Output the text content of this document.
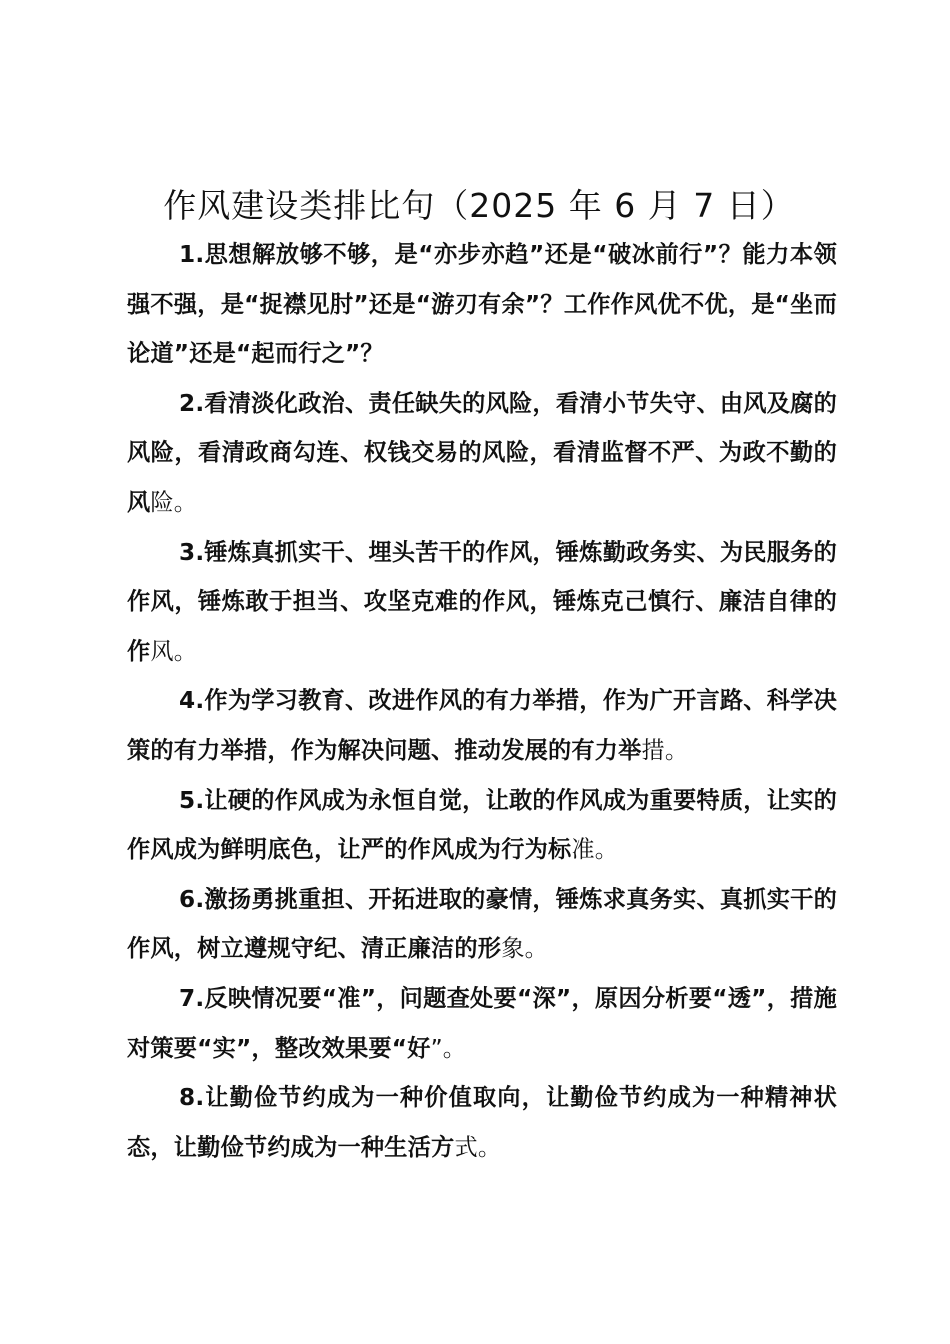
作风建设类排比句（2025 年 6 月 7 日）

1.思想解放够不够，是“亦步亦趋”还是“破冰前行”？能力本领强不强，是“捉襟见肘”还是“游刃有余”？工作作风优不优，是“坐而论道”还是“起而行之”？

2.看清淡化政治、责任缺失的风险，看清小节失守、由风及腐的风险，看清政商勾连、权钱交易的风险，看清监督不严、为政不勤的风险。

3.锤炼真抓实干、埋头苦干的作风，锤炼勤政务实、为民服务的作风，锤炼敢于担当、攻坚克难的作风，锤炼克己慎行、廉洁自律的作风。

4.作为学习教育、改进作风的有力举措，作为广开言路、科学决策的有力举措，作为解决问题、推动发展的有力举措。

5.让硬的作风成为永恒自觉，让敢的作风成为重要特质，让实的作风成为鲜明底色，让严的作风成为行为标准。

6.激扬勇挑重担、开拓进取的豪情，锤炼求真务实、真抓实干的作风，树立遵规守纪、清正廉洁的形象。

7.反映情况要“准”，问题查处要“深”，原因分析要“透”，措施对策要“实”，整改效果要“好”。

8.让勤俭节约成为一种价值取向，让勤俭节约成为一种精神状态，让勤俭节约成为一种生活方式。
